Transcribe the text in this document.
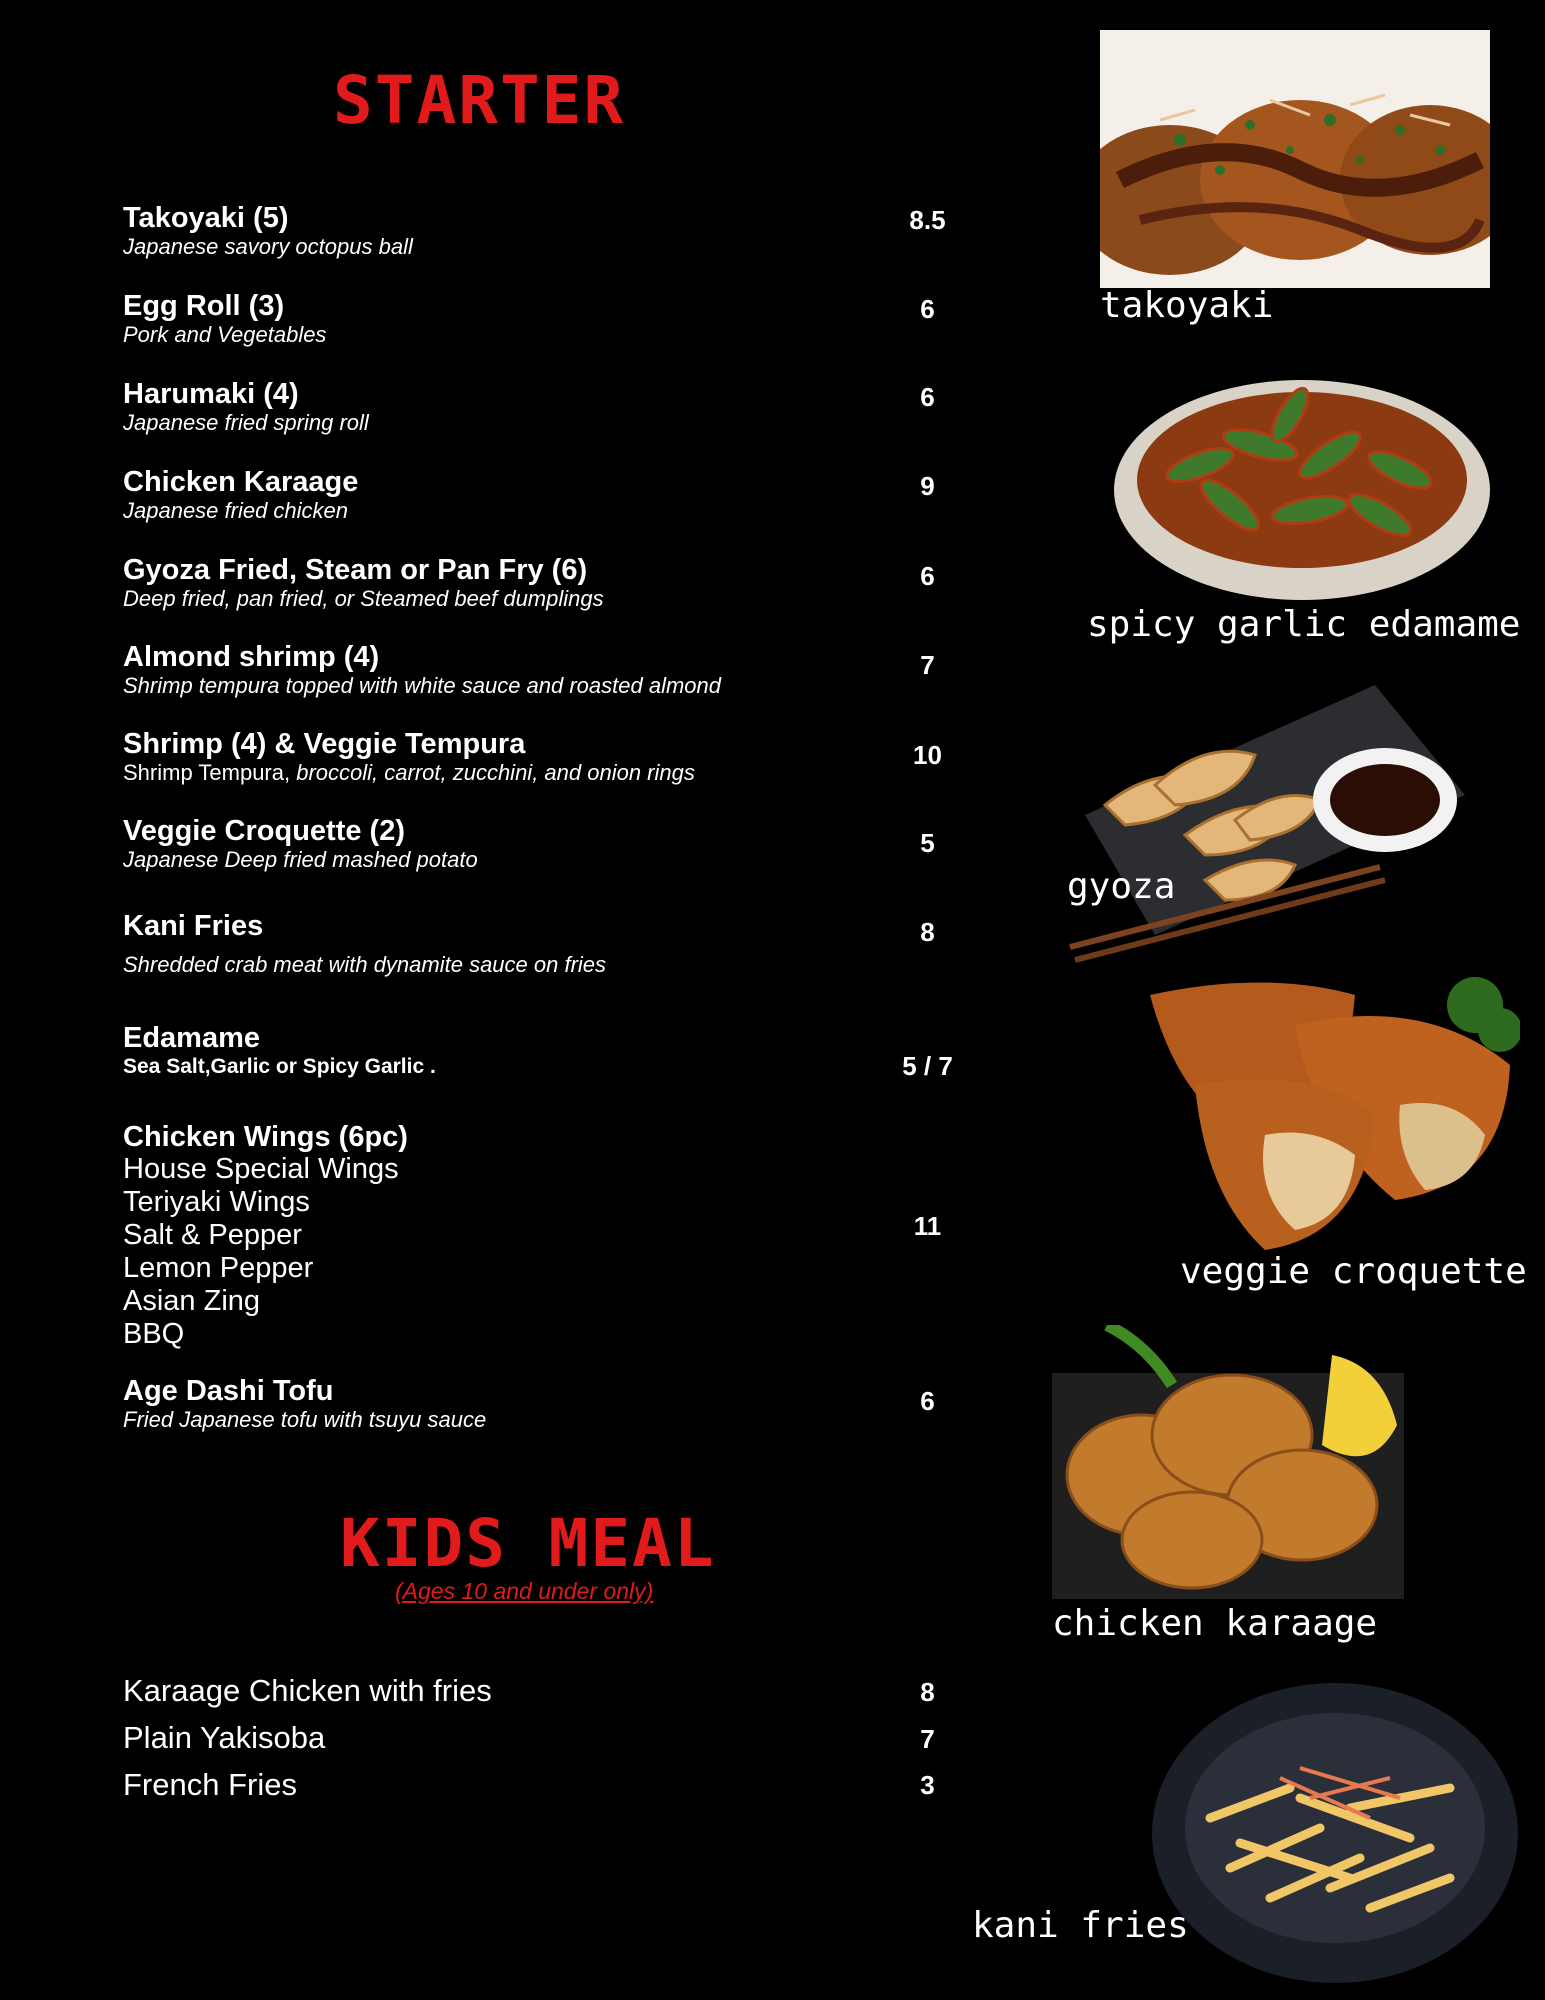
STARTER
Takoyaki (5)
Japanese savory octopus ball
8.5
Egg Roll (3)
Pork and Vegetables
6
Harumaki (4)
Japanese fried spring roll
6
Chicken Karaage
Japanese fried chicken
9
Gyoza Fried, Steam or Pan Fry (6)
Deep fried, pan fried, or Steamed beef dumplings
6
Almond shrimp (4)
Shrimp tempura topped with white sauce and roasted almond
7
Shrimp (4) & Veggie Tempura
Shrimp Tempura, broccoli, carrot, zucchini, and onion rings
10
Veggie Croquette (2)
Japanese Deep fried mashed potato
5
Kani Fries
Shredded crab meat with dynamite sauce on fries
8
Edamame
Sea Salt,Garlic or Spicy Garlic .	5 / 7
Chicken Wings (6pc)
House Special Wings
Teriyaki Wings
Salt & Pepper
Lemon Pepper
Asian Zing
BBQ
11
Age Dashi Tofu
Fried Japanese tofu with tsuyu sauce
6
KIDS MEAL
(Ages 10 and under only)
Karaage Chicken with fries	8
Plain Yakisoba	7
French Fries	3
takoyaki
spicy garlic edamame
gyoza
veggie croquette
chicken karaage
kani fries
